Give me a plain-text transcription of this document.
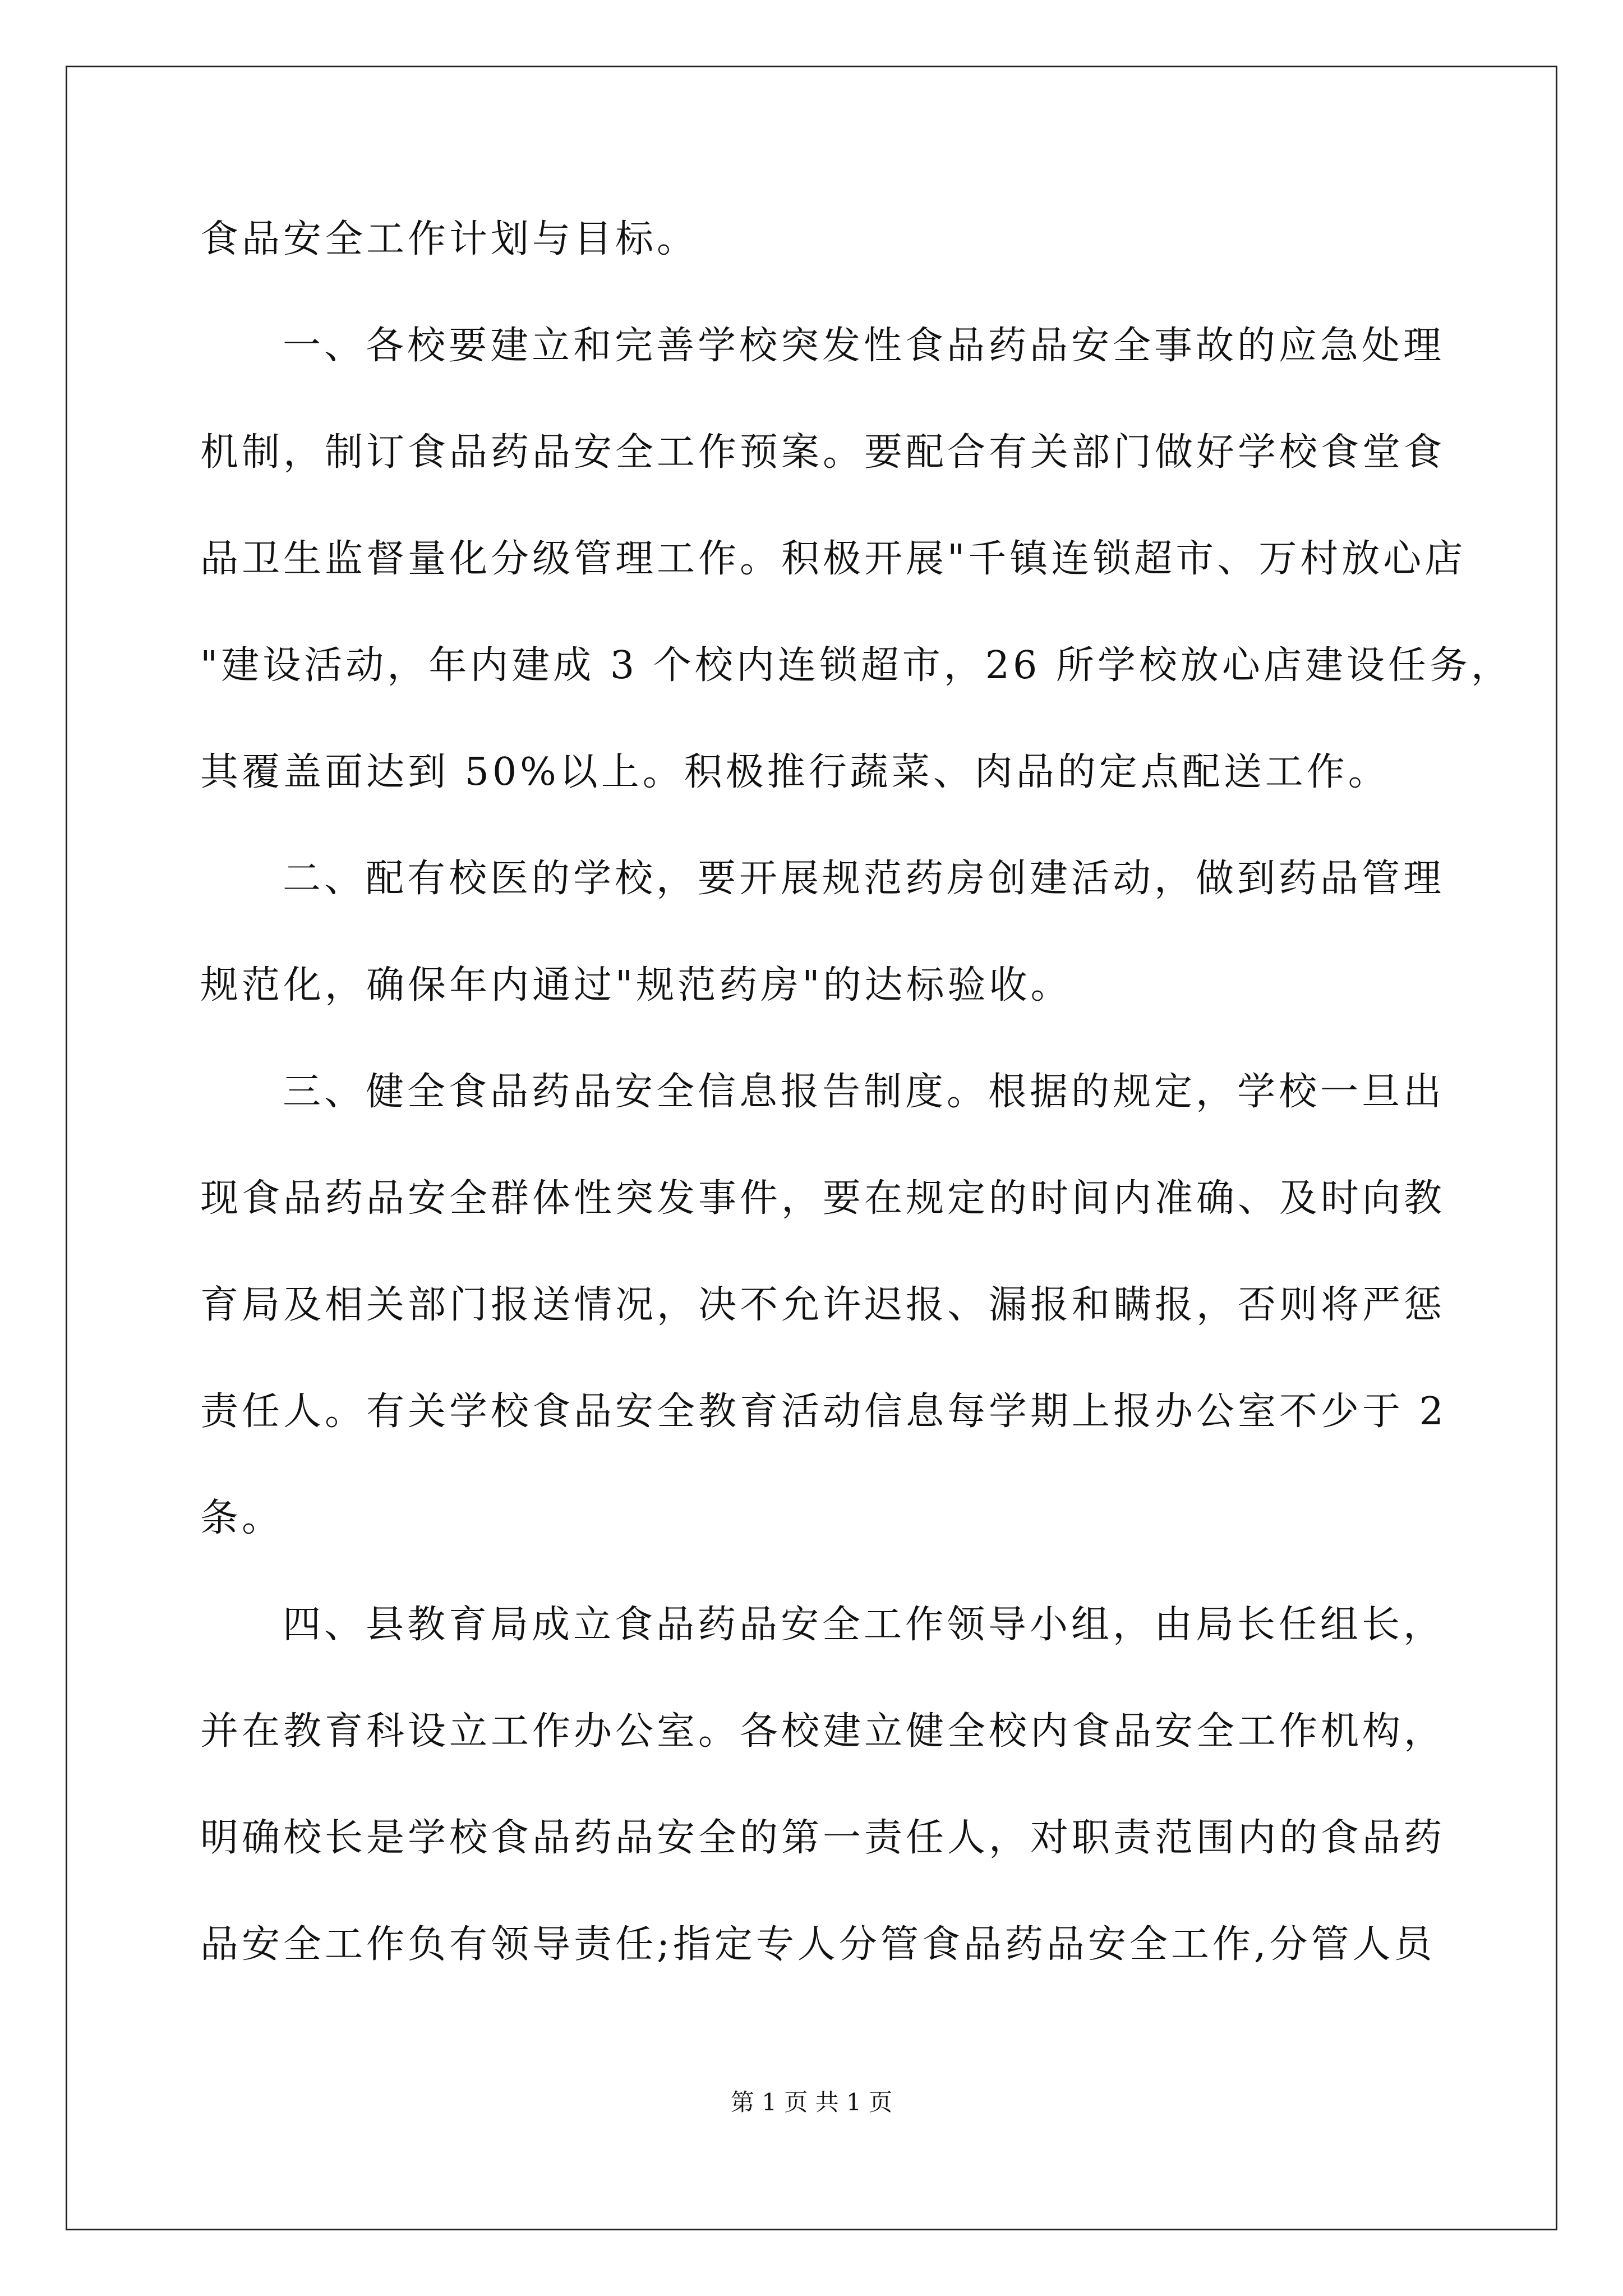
食品安全工作计划与目标。
一、各校要建立和完善学校突发性食品药品安全事故的应急处理
机制，制订食品药品安全工作预案。要配合有关部门做好学校食堂食
品卫生监督量化分级管理工作。积极开展"千镇连锁超市、万村放心店
"建设活动，年内建成 3 个校内连锁超市，26 所学校放心店建设任务，
其覆盖面达到 50%以上。积极推行蔬菜、肉品的定点配送工作。
二、配有校医的学校，要开展规范药房创建活动，做到药品管理
规范化，确保年内通过"规范药房"的达标验收。
三、健全食品药品安全信息报告制度。根据的规定，学校一旦出
现食品药品安全群体性突发事件，要在规定的时间内准确、及时向教
育局及相关部门报送情况，决不允许迟报、漏报和瞒报，否则将严惩
责任人。有关学校食品安全教育活动信息每学期上报办公室不少于 2
条。
四、县教育局成立食品药品安全工作领导小组，由局长任组长，
并在教育科设立工作办公室。各校建立健全校内食品安全工作机构，
明确校长是学校食品药品安全的第一责任人，对职责范围内的食品药
品安全工作负有领导责任;指定专人分管食品药品安全工作,分管人员
第 1 页 共 1 页
